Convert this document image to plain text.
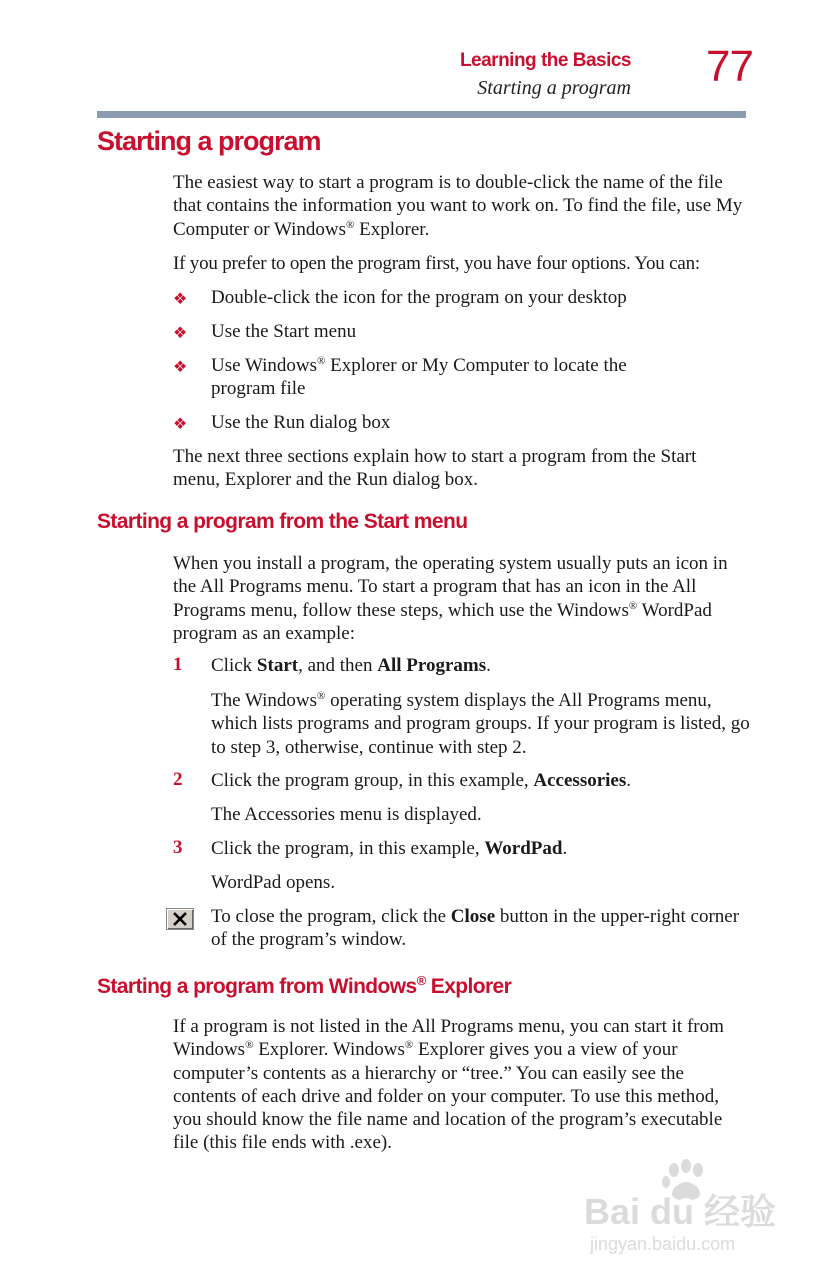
Learning the Basics
Starting a program 77
Starting a program

The easiest way to start a program is to double-click the name of the file that contains the information you want to work on. To find the file, use My Computer or Windows® Explorer.

If you prefer to open the program first, you have four options. You can:

❖ Double-click the icon for the program on your desktop

❖ Use the Start menu

❖ Use Windows® Explorer or My Computer to locate the program file

❖ Use the Run dialog box

The next three sections explain how to start a program from the Start menu, Explorer and the Run dialog box.

Starting a program from the Start menu

When you install a program, the operating system usually puts an icon in the All Programs menu. To start a program that has an icon in the All Programs menu, follow these steps, which use the Windows® WordPad program as an example:

1 Click Start, and then All Programs.

The Windows® operating system displays the All Programs menu, which lists programs and program groups. If your program is listed, go to step 3, otherwise, continue with step 2.

2 Click the program group, in this example, Accessories.

The Accessories menu is displayed.

3 Click the program, in this example, WordPad.

WordPad opens.

To close the program, click the Close button in the upper-right corner of the program’s window.

Starting a program from Windows® Explorer

If a program is not listed in the All Programs menu, you can start it from Windows® Explorer. Windows® Explorer gives you a view of your computer’s contents as a hierarchy or “tree.” You can easily see the contents of each drive and folder on your computer. To use this method, you should know the file name and location of the program’s executable file (this file ends with .exe).

Bai du 经验
jingyan.baidu.com
